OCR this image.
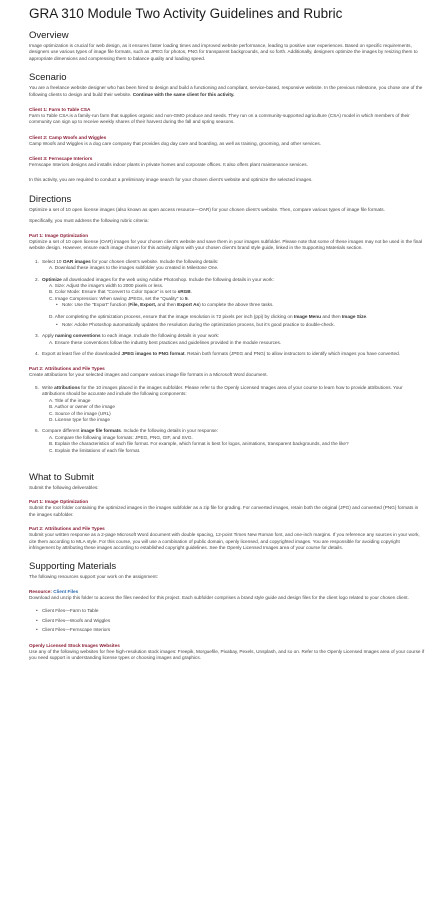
GRA 310 Module Two Activity Guidelines and Rubric
Overview

Image optimization is crucial for web design, as it ensures faster loading times and improved website performance, leading to positive user experiences. Based on specific requirements, designers use various types of image file formats, such as JPEG for photos, PNG for transparent backgrounds, and so forth. Additionally, designers optimize the images by resizing them to appropriate dimensions and compressing them to balance quality and loading speed.

Scenario

You are a freelance website designer who has been hired to design and build a functioning and compliant, service-based, responsive website. In the previous milestone, you chose one of the following clients to design and build their website. Continue with the same client for this activity.

Client 1: Farm to Table CSA

Farm to Table CSA is a family-run farm that supplies organic and non-GMO produce and seeds. They run on a community-supported agriculture (CSA) model in which members of their community can sign up to receive weekly shares of their harvest during the fall and spring seasons.

Client 2: Camp Woofs and Wiggles

Camp Woofs and Wiggles is a dog care company that provides dog day care and boarding, as well as training, grooming, and other services.

Client 3: Fernscape Interiors

Fernscape Interiors designs and installs indoor plants in private homes and corporate offices. It also offers plant maintenance services.

In this activity, you are required to conduct a preliminary image search for your chosen client's website and optimize the selected images.

Directions

Optimize a set of 10 open license images (also known as open access resource—OAR) for your chosen client's website. Then, compare various types of image file formats.

Specifically, you must address the following rubric criteria:

Part 1: Image Optimization

Optimize a set of 10 open license (OAR) images for your chosen client's website and save them in your images subfolder. Please note that some of these images may not be used in the final website design. However, ensure each image chosen for this activity aligns with your chosen client's brand style guide, linked in the Supporting Materials section.

1. Select 10 OAR images for your chosen client's website. Include the following details:
A. Download these images to the images subfolder you created in Milestone One.
2. Optimize all downloaded images for the web using Adobe Photoshop. Include the following details in your work:
A. Size: Adjust the image's width to 2000 pixels or less.
B. Color Mode: Ensure that "Convert to Color Space" is set to sRGB.
C. Image Compression: When saving JPEGs, set the "Quality" to 5.
• Note: Use the "Export" function (File, Export, and then Export As) to complete the above three tasks.
D. After completing the optimization process, ensure that the image resolution is 72 pixels per inch (ppi) by clicking on Image Menu and then Image Size.
• Note: Adobe Photoshop automatically updates the resolution during the optimization process, but it's good practice to double-check.
3. Apply naming conventions to each image. Include the following details in your work:
A. Ensure these conventions follow the industry best practices and guidelines provided in the module resources.
4. Export at least five of the downloaded JPEG images to PNG format. Retain both formats (JPEG and PNG) to allow instructors to identify which images you have converted.
Part 2: Attributions and File Types

Create attributions for your selected images and compare various image file formats in a Microsoft Word document.

5. Write attributions for the 10 images placed in the images subfolder. Please refer to the Openly Licensed Images area of your course to learn how to provide attributions. Your attributions should be accurate and include the following components:
A. Title of the image
B. Author or owner of the image
C. Source of the image (URL)
D. License type for the image
6. Compare different image file formats. Include the following details in your response:
A. Compare the following image formats: JPEG, PNG, GIF, and SVG.
B. Explain the characteristics of each file format. For example, which format is best for logos, animations, transparent backgrounds, and the like?
C. Explain the limitations of each file format.
What to Submit

Submit the following deliverables:

Part 1: Image Optimization

Submit the root folder containing the optimized images in the images subfolder as a zip file for grading. For converted images, retain both the original (JPG) and converted (PNG) formats in the images subfolder.

Part 2: Attributions and File Types

Submit your written response as a 2-page Microsoft Word document with double spacing, 12-point Times New Roman font, and one-inch margins. If you reference any sources in your work, cite them according to MLA style. For this course, you will use a combination of public domain, openly licensed, and copyrighted images. You are responsible for avoiding copyright infringement by attributing these images according to established copyright guidelines. See the Openly Licensed Images area of your course for details.

Supporting Materials

The following resources support your work on the assignment:

Resource: Client Files

Download and unzip this folder to access the files needed for this project. Each subfolder comprises a brand style guide and design files for the client logo related to your chosen client.

• Client Files—Farm to Table
• Client Files—Woofs and Wiggles
• Client Files—Fernscape Interiors
Openly Licensed Stock Images Websites

Use any of the following websites for free high-resolution stock images: Freepik, Morguefile, Pixabay, Pexels, Unsplash, and so on. Refer to the Openly Licensed Images area of your course if you need support in understanding license types or choosing images and graphics.
